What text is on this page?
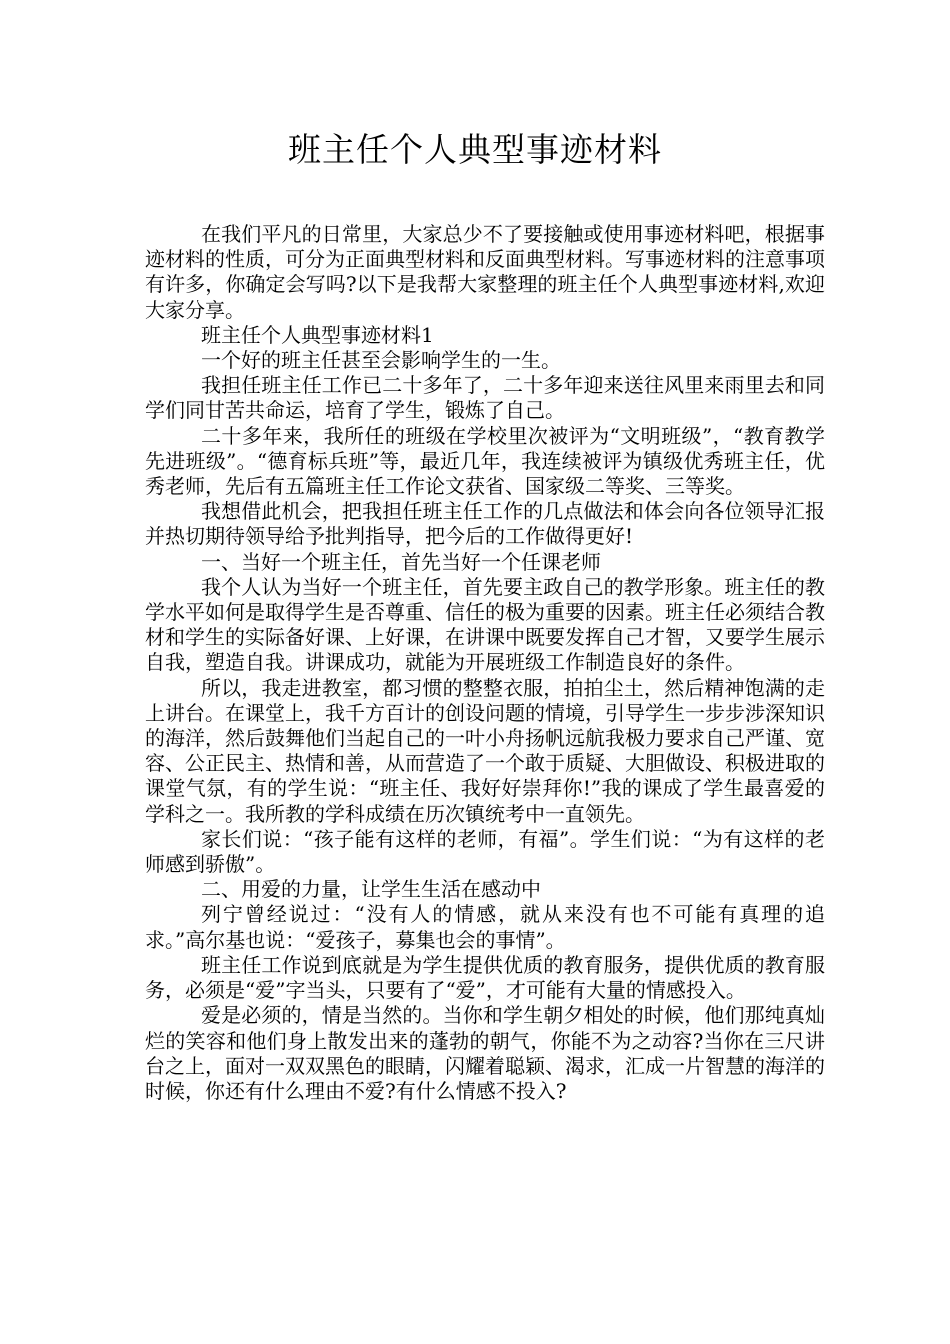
班主任个人典型事迹材料

在我们平凡的日常里，大家总少不了要接触或使用事迹材料吧，根据事迹材料的性质，可分为正面典型材料和反面典型材料。写事迹材料的注意事项有许多，你确定会写吗?以下是我帮大家整理的班主任个人典型事迹材料,欢迎大家分享。

班主任个人典型事迹材料1

一个好的班主任甚至会影响学生的一生。

我担任班主任工作已二十多年了，二十多年迎来送往风里来雨里去和同学们同甘苦共命运，培育了学生，锻炼了自己。

二十多年来，我所任的班级在学校里次被评为“文明班级”，“教育教学先进班级”。“德育标兵班”等，最近几年，我连续被评为镇级优秀班主任，优秀老师，先后有五篇班主任工作论文获省、国家级二等奖、三等奖。

我想借此机会，把我担任班主任工作的几点做法和体会向各位领导汇报并热切期待领导给予批判指导，把今后的工作做得更好!

一、当好一个班主任，首先当好一个任课老师

我个人认为当好一个班主任，首先要主政自己的教学形象。班主任的教学水平如何是取得学生是否尊重、信任的极为重要的因素。班主任必须结合教材和学生的实际备好课、上好课，在讲课中既要发挥自己才智，又要学生展示自我，塑造自我。讲课成功，就能为开展班级工作制造良好的条件。

所以，我走进教室，都习惯的整整衣服，拍拍尘土，然后精神饱满的走上讲台。在课堂上，我千方百计的创设问题的情境，引导学生一步步涉深知识的海洋，然后鼓舞他们当起自己的一叶小舟扬帆远航我极力要求自己严谨、宽容、公正民主、热情和善，从而营造了一个敢于质疑、大胆做设、积极进取的课堂气氛，有的学生说：“班主任、我好好崇拜你!”我的课成了学生最喜爱的学科之一。我所教的学科成绩在历次镇统考中一直领先。

家长们说：“孩子能有这样的老师，有福”。学生们说：“为有这样的老师感到骄傲”。

二、用爱的力量，让学生生活在感动中

列宁曾经说过：“没有人的情感，就从来没有也不可能有真理的追求。”高尔基也说：“爱孩子，募集也会的事情”。

班主任工作说到底就是为学生提供优质的教育服务，提供优质的教育服务，必须是“爱”字当头，只要有了“爱”，才可能有大量的情感投入。

爱是必须的，情是当然的。当你和学生朝夕相处的时候，他们那纯真灿烂的笑容和他们身上散发出来的蓬勃的朝气，你能不为之动容?当你在三尺讲台之上，面对一双双黑色的眼睛，闪耀着聪颖、渴求，汇成一片智慧的海洋的时候，你还有什么理由不爱?有什么情感不投入?
